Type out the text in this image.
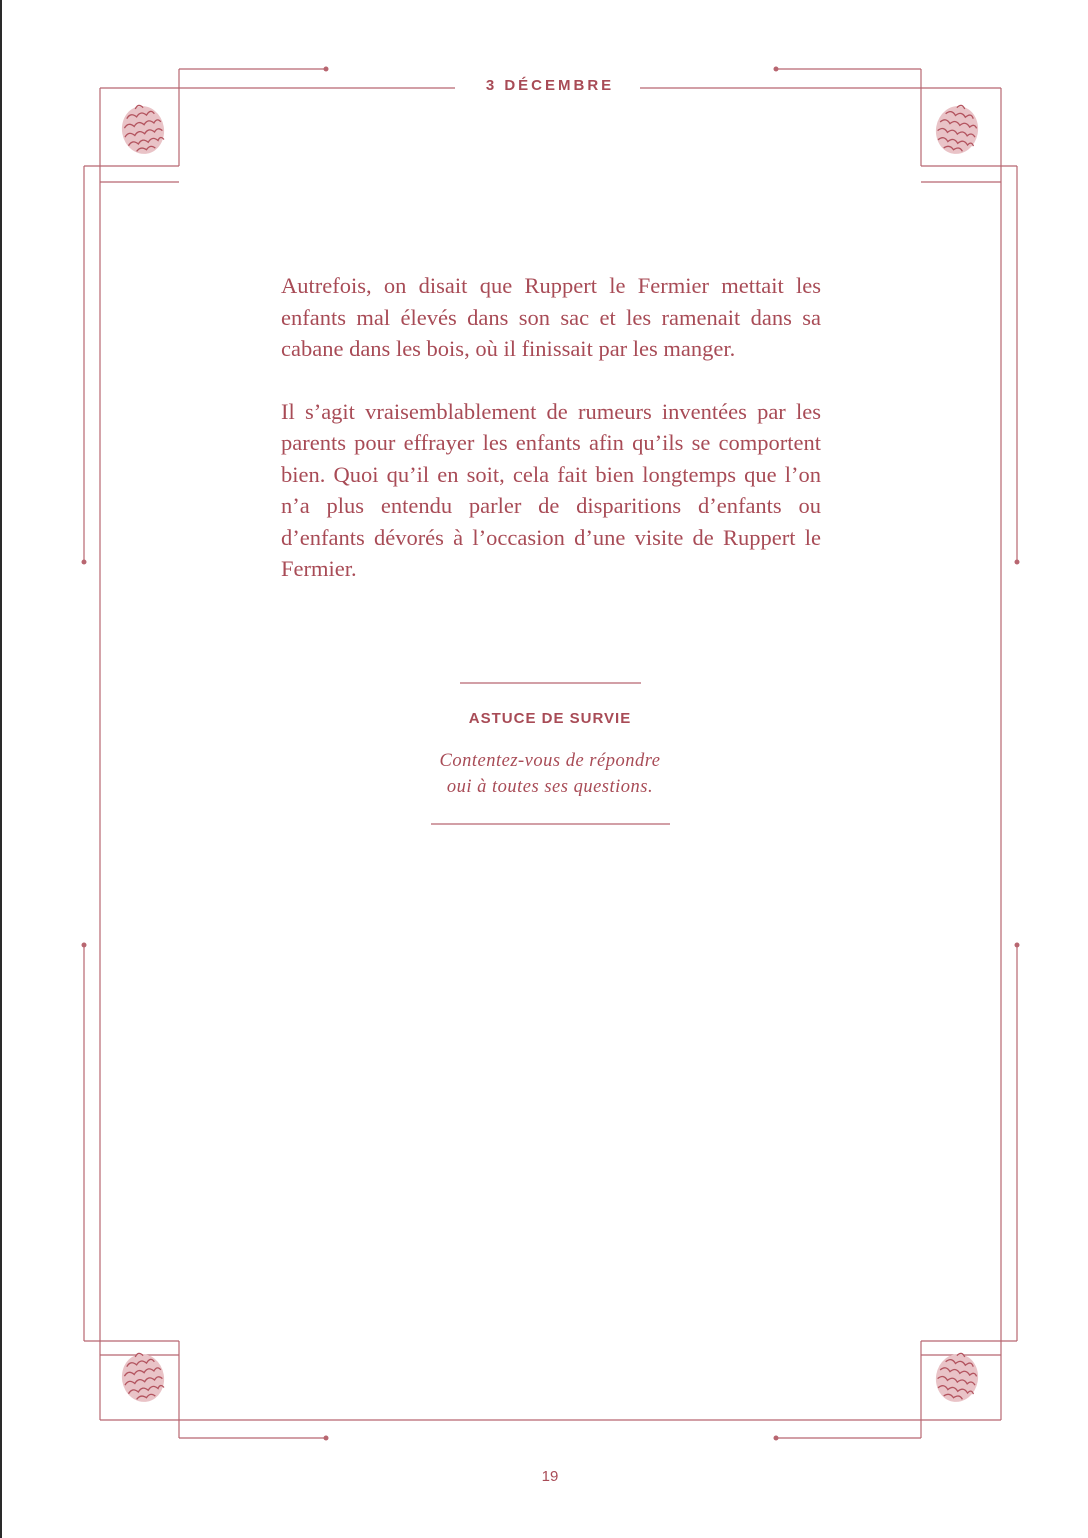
3 DÉCEMBRE

Autrefois, on disait que Ruppert le Fermier mettait les enfants mal élevés dans son sac et les ramenait dans sa cabane dans les bois, où il finissait par les manger.

Il s’agit vraisemblablement de rumeurs inventées par les parents pour effrayer les enfants afin qu’ils se comportent bien. Quoi qu’il en soit, cela fait bien longtemps que l’on n’a plus entendu parler de disparitions d’enfants ou d’enfants dévorés à l’occasion d’une visite de Ruppert le Fermier.

ASTUCE DE SURVIE
Contentez-vous de répondre
oui à toutes ses questions.
19
